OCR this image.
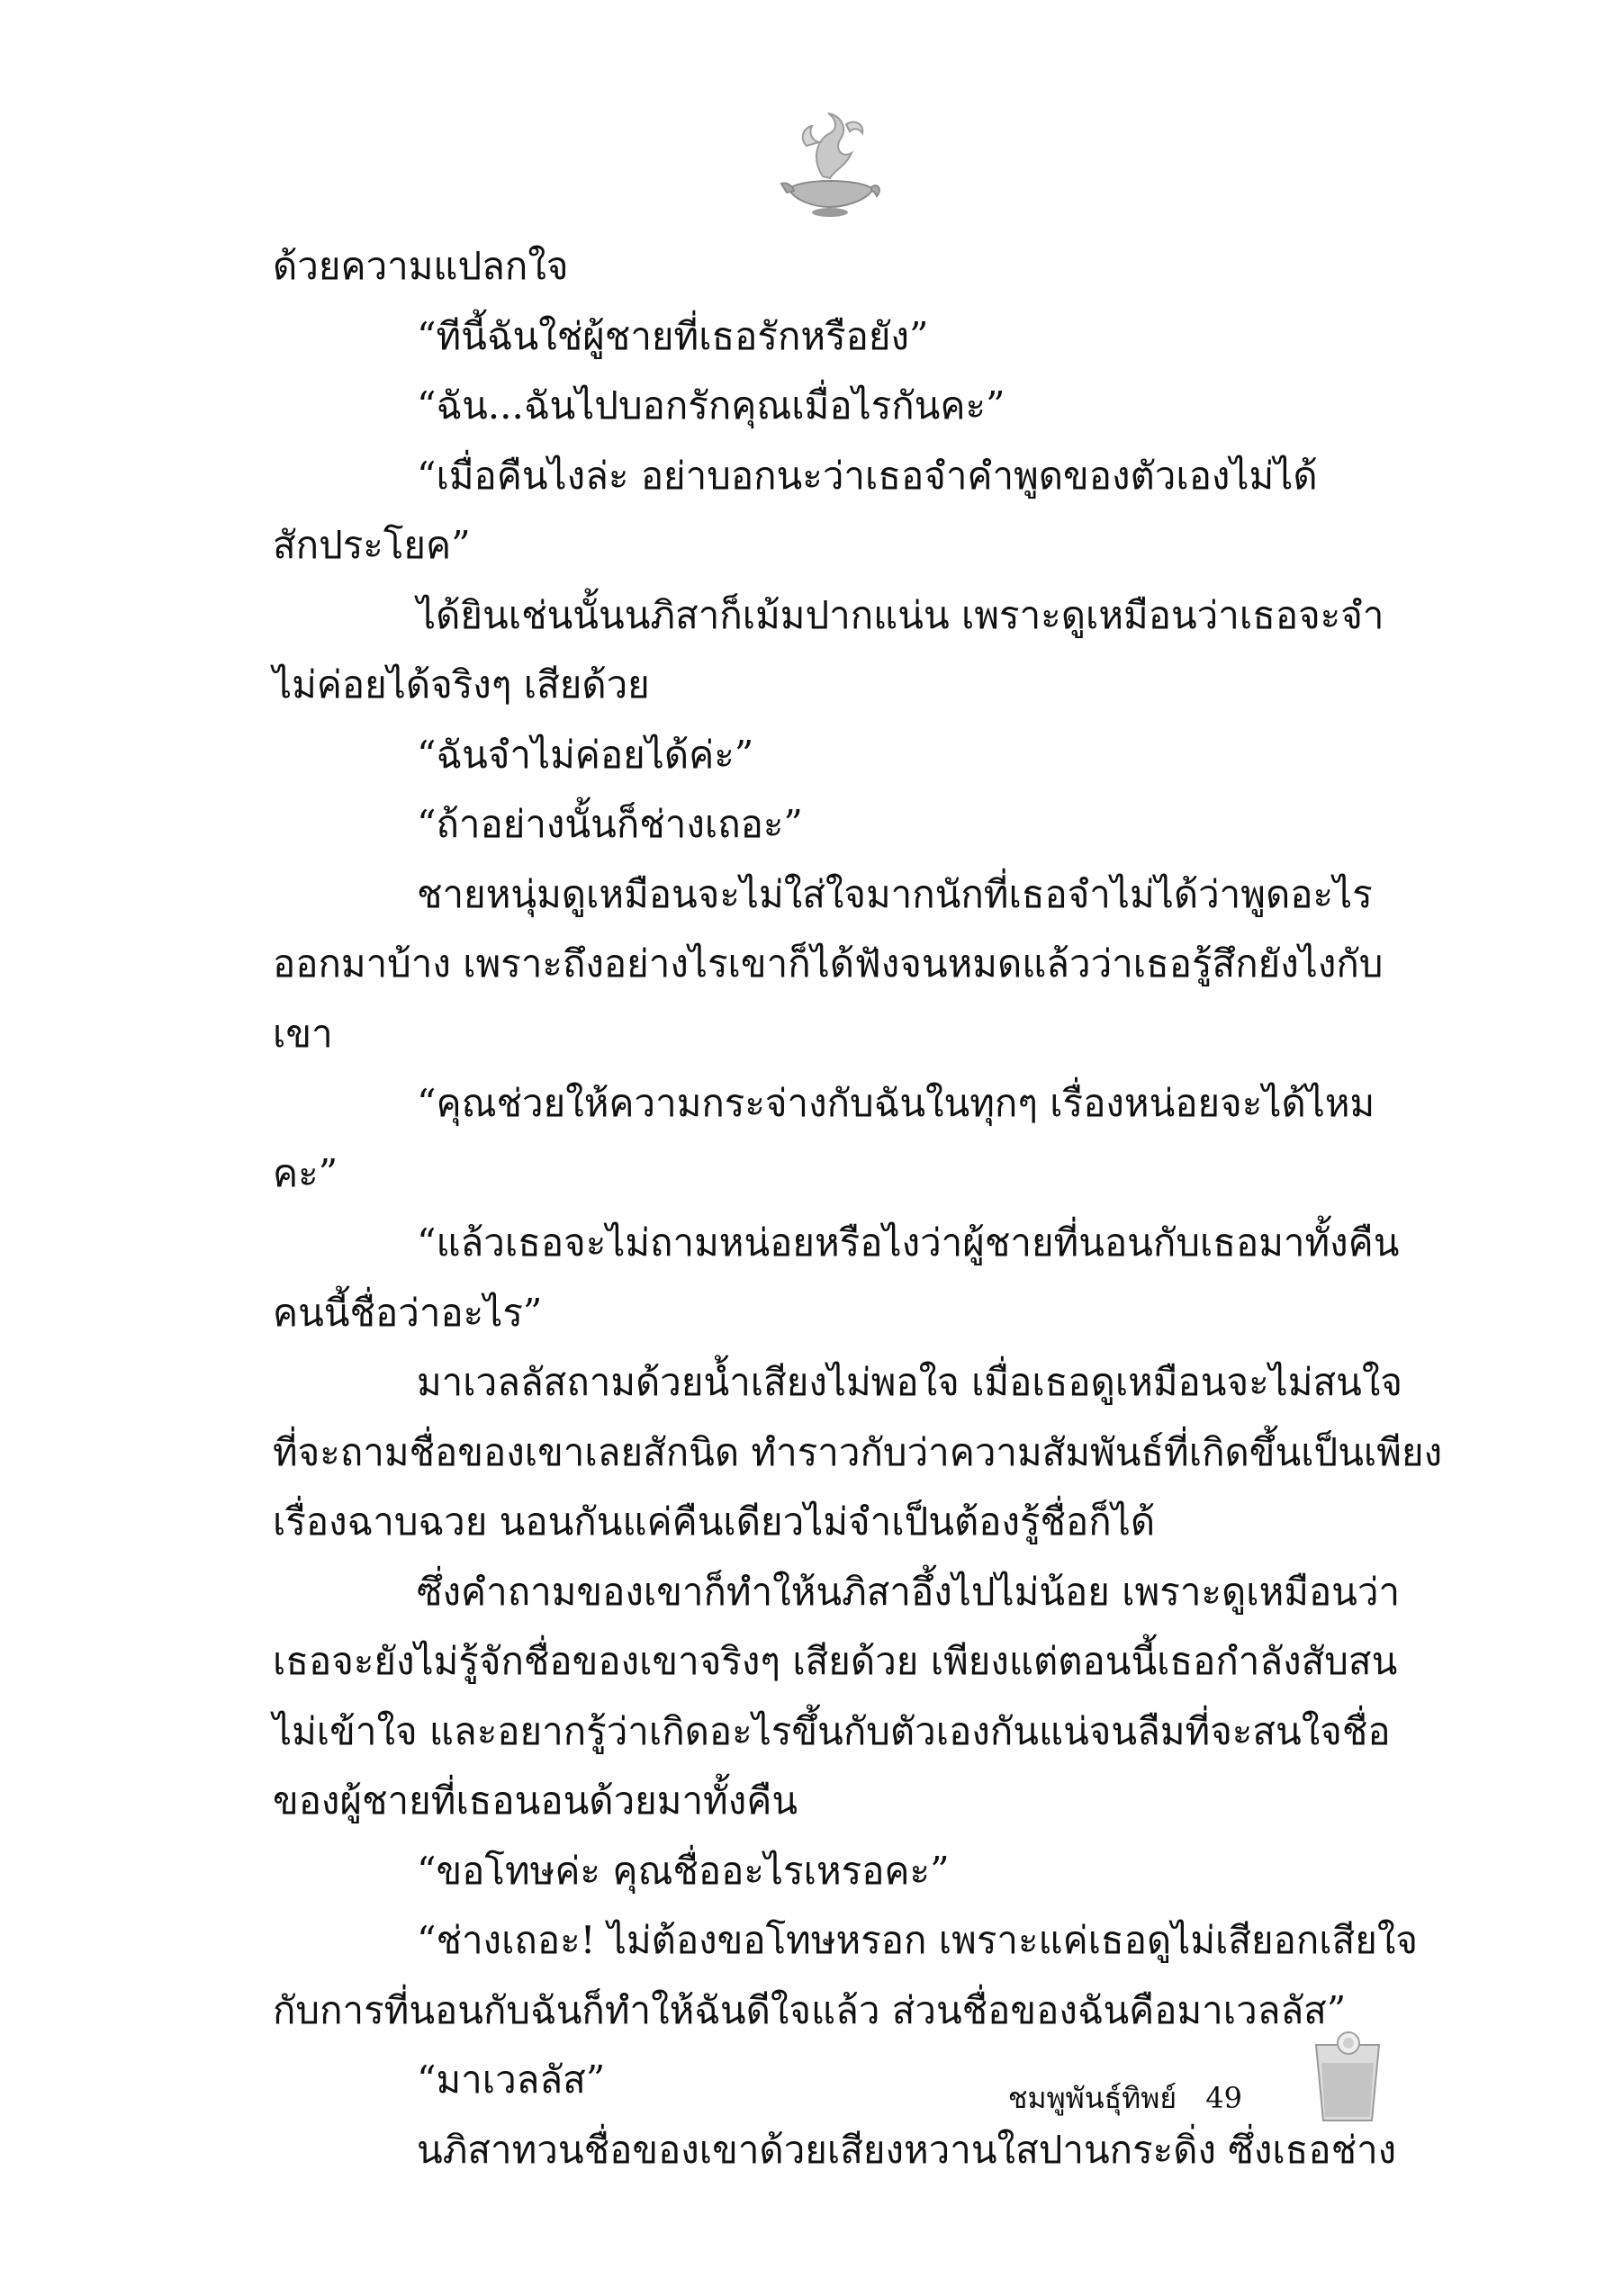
ด้วยความแปลกใจ
“ทีนี้ฉันใช่ผู้ชายที่เธอรักหรือยัง”
“ฉัน...ฉันไปบอกรักคุณเมื่อไรกันคะ”
“เมื่อคืนไงล่ะ อย่าบอกนะว่าเธอจำคำพูดของตัวเองไม่ได้
สักประโยค”
ได้ยินเช่นนั้นนภิสาก็เม้มปากแน่น เพราะดูเหมือนว่าเธอจะจำ
ไม่ค่อยได้จริงๆ เสียด้วย
“ฉันจำไม่ค่อยได้ค่ะ”
“ถ้าอย่างนั้นก็ช่างเถอะ”
ชายหนุ่มดูเหมือนจะไม่ใส่ใจมากนักที่เธอจำไม่ได้ว่าพูดอะไร
ออกมาบ้าง เพราะถึงอย่างไรเขาก็ได้ฟังจนหมดแล้วว่าเธอรู้สึกยังไงกับ
เขา
“คุณช่วยให้ความกระจ่างกับฉันในทุกๆ เรื่องหน่อยจะได้ไหม
คะ”
“แล้วเธอจะไม่ถามหน่อยหรือไงว่าผู้ชายที่นอนกับเธอมาทั้งคืน
คนนี้ชื่อว่าอะไร”
มาเวลลัสถามด้วยน้ำเสียงไม่พอใจ เมื่อเธอดูเหมือนจะไม่สนใจ
ที่จะถามชื่อของเขาเลยสักนิด ทำราวกับว่าความสัมพันธ์ที่เกิดขึ้นเป็นเพียง
เรื่องฉาบฉวย นอนกันแค่คืนเดียวไม่จำเป็นต้องรู้ชื่อก็ได้
ซึ่งคำถามของเขาก็ทำให้นภิสาอึ้งไปไม่น้อย เพราะดูเหมือนว่า
เธอจะยังไม่รู้จักชื่อของเขาจริงๆ เสียด้วย เพียงแต่ตอนนี้เธอกำลังสับสน
ไม่เข้าใจ และอยากรู้ว่าเกิดอะไรขึ้นกับตัวเองกันแน่จนลืมที่จะสนใจชื่อ
ของผู้ชายที่เธอนอนด้วยมาทั้งคืน
“ขอโทษค่ะ คุณชื่ออะไรเหรอคะ”
“ช่างเถอะ! ไม่ต้องขอโทษหรอก เพราะแค่เธอดูไม่เสียอกเสียใจ
กับการที่นอนกับฉันก็ทำให้ฉันดีใจแล้ว ส่วนชื่อของฉันคือมาเวลลัส”
“มาเวลลัส”
นภิสาทวนชื่อของเขาด้วยเสียงหวานใสปานกระดิ่ง ซึ่งเธอช่าง
ชมพูพันธุ์ทิพย์ 49
